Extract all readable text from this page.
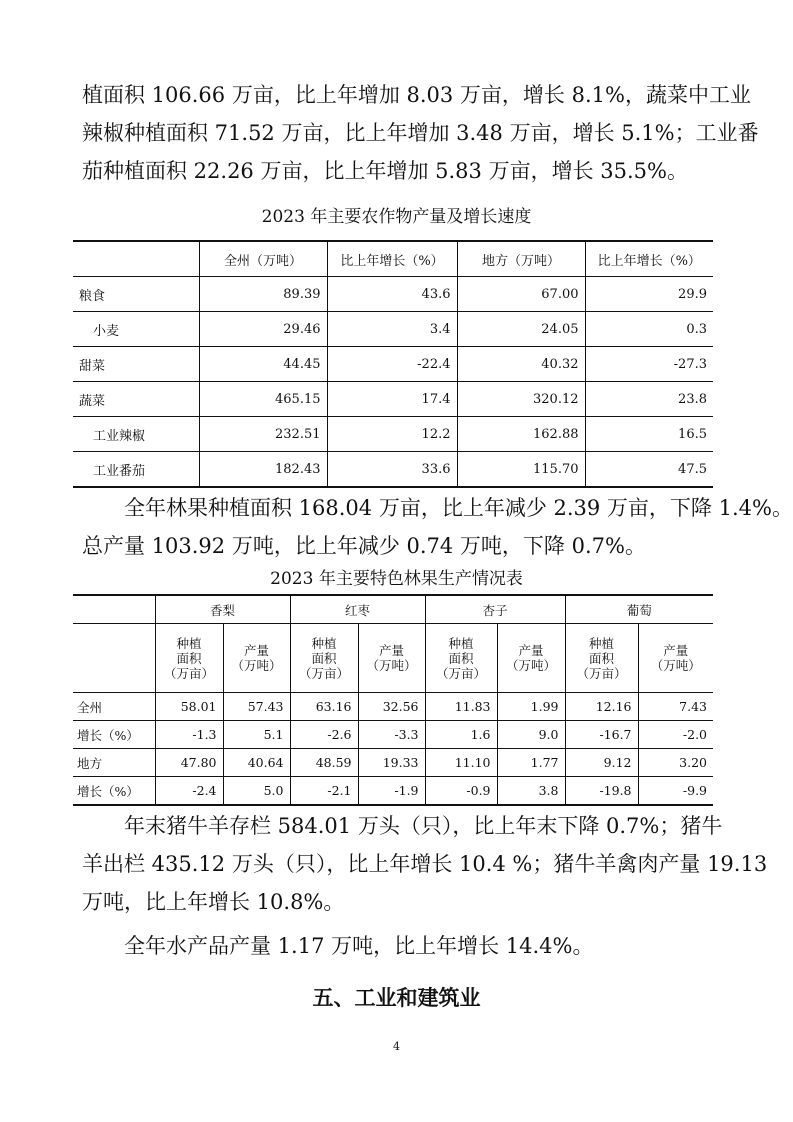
植面积 106.66 万亩，比上年增加 8.03 万亩，增长 8.1%，蔬菜中工业
辣椒种植面积 71.52 万亩，比上年增加 3.48 万亩，增长 5.1%；工业番
茄种植面积 22.26 万亩，比上年增加 5.83 万亩，增长 35.5%。

2023 年主要农作物产量及增长速度

	全州（万吨）	比上年增长（%）	地方（万吨）	比上年增长（%）
粮食	89.39	43.6	67.00	29.9
小麦	29.46	3.4	24.05	0.3
甜菜	44.45	-22.4	40.32	-27.3
蔬菜	465.15	17.4	320.12	23.8
工业辣椒	232.51	12.2	162.88	16.5
工业番茄	182.43	33.6	115.70	47.5
全年林果种植面积 168.04 万亩，比上年减少 2.39 万亩，下降 1.4%。
总产量 103.92 万吨，比上年减少 0.74 万吨，下降 0.7%。

2023 年主要特色林果生产情况表

	香梨		红枣		杏子		葡萄	
	种植
面积
（万亩）	产量
（万吨）	种植
面积
（万亩）	产量
（万吨）	种植
面积
（万亩）	产量
（万吨）	种植
面积
（万亩）	产量
（万吨）
全州	58.01	57.43	63.16	32.56	11.83	1.99	12.16	7.43
增长（%）	-1.3	5.1	-2.6	-3.3	1.6	9.0	-16.7	-2.0
地方	47.80	40.64	48.59	19.33	11.10	1.77	9.12	3.20
增长（%）	-2.4	5.0	-2.1	-1.9	-0.9	3.8	-19.8	-9.9
年末猪牛羊存栏 584.01 万头（只），比上年末下降 0.7%；猪牛
羊出栏 435.12 万头（只），比上年增长 10.4 %；猪牛羊禽肉产量 19.13
万吨，比上年增长 10.8%。
全年水产品产量 1.17 万吨，比上年增长 14.4%。
五、工业和建筑业

4
